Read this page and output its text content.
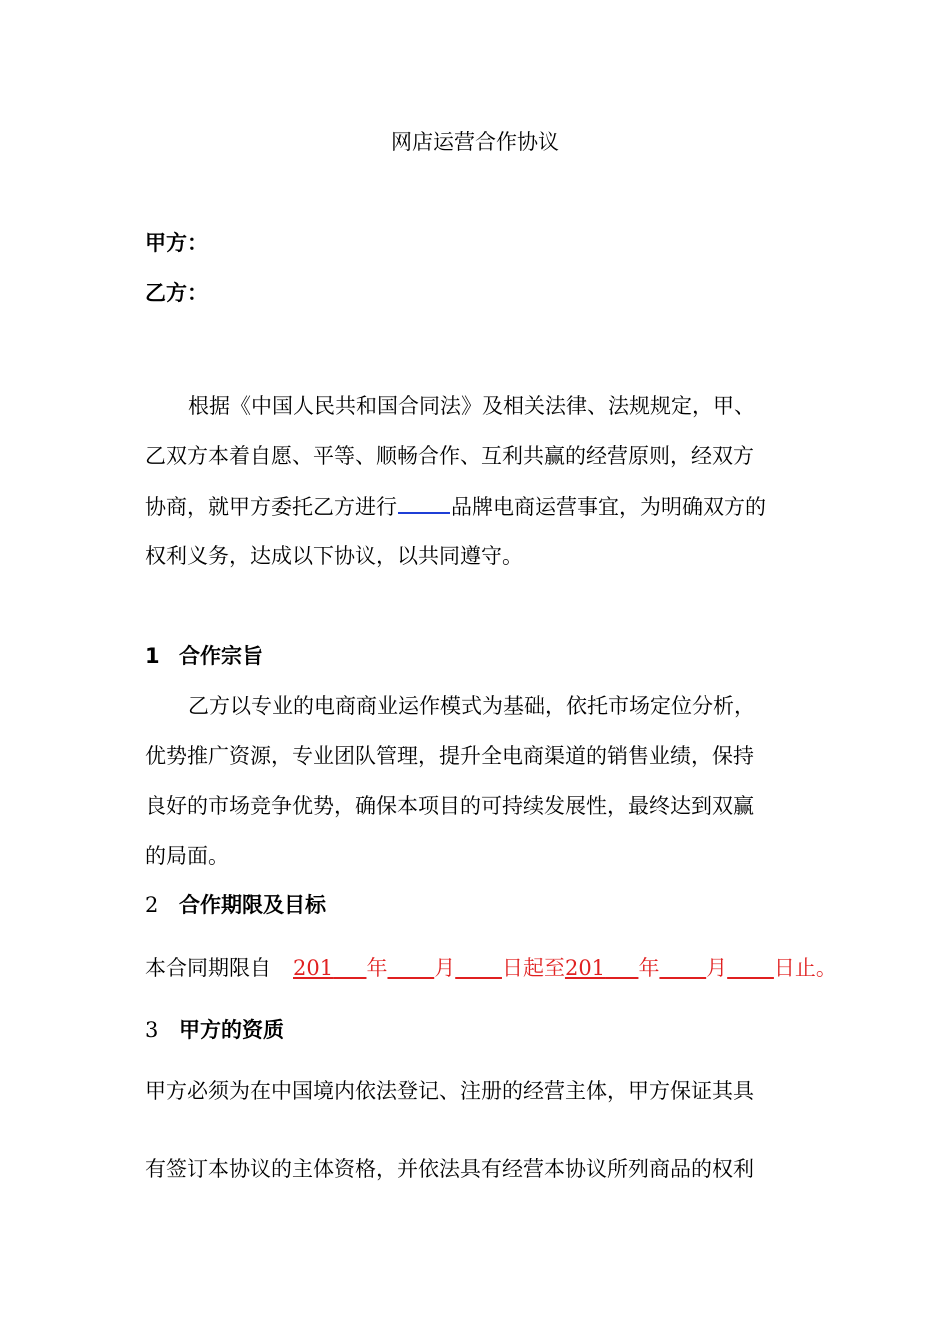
网店运营合作协议
甲方：
乙方：
根据《中国人民共和国合同法》及相关法律、法规规定，甲、
乙双方本着自愿、平等、顺畅合作、互利共赢的经营原则，经双方
协商，就甲方委托乙方进行	品牌电商运营事宜，为明确双方的
权利义务，达成以下协议，以共同遵守。
1 合作宗旨
乙方以专业的电商商业运作模式为基础，依托市场定位分析，
优势推广资源，专业团队管理，提升全电商渠道的销售业绩，保持
良好的市场竞争优势，确保本项目的可持续发展性，最终达到双赢
的局面。
2 合作期限及目标
本合同期限自 201 年 月 日起至201 年 月 日止。
3 甲方的资质
甲方必须为在中国境内依法登记、注册的经营主体，甲方保证其具
有签订本协议的主体资格，并依法具有经营本协议所列商品的权利
